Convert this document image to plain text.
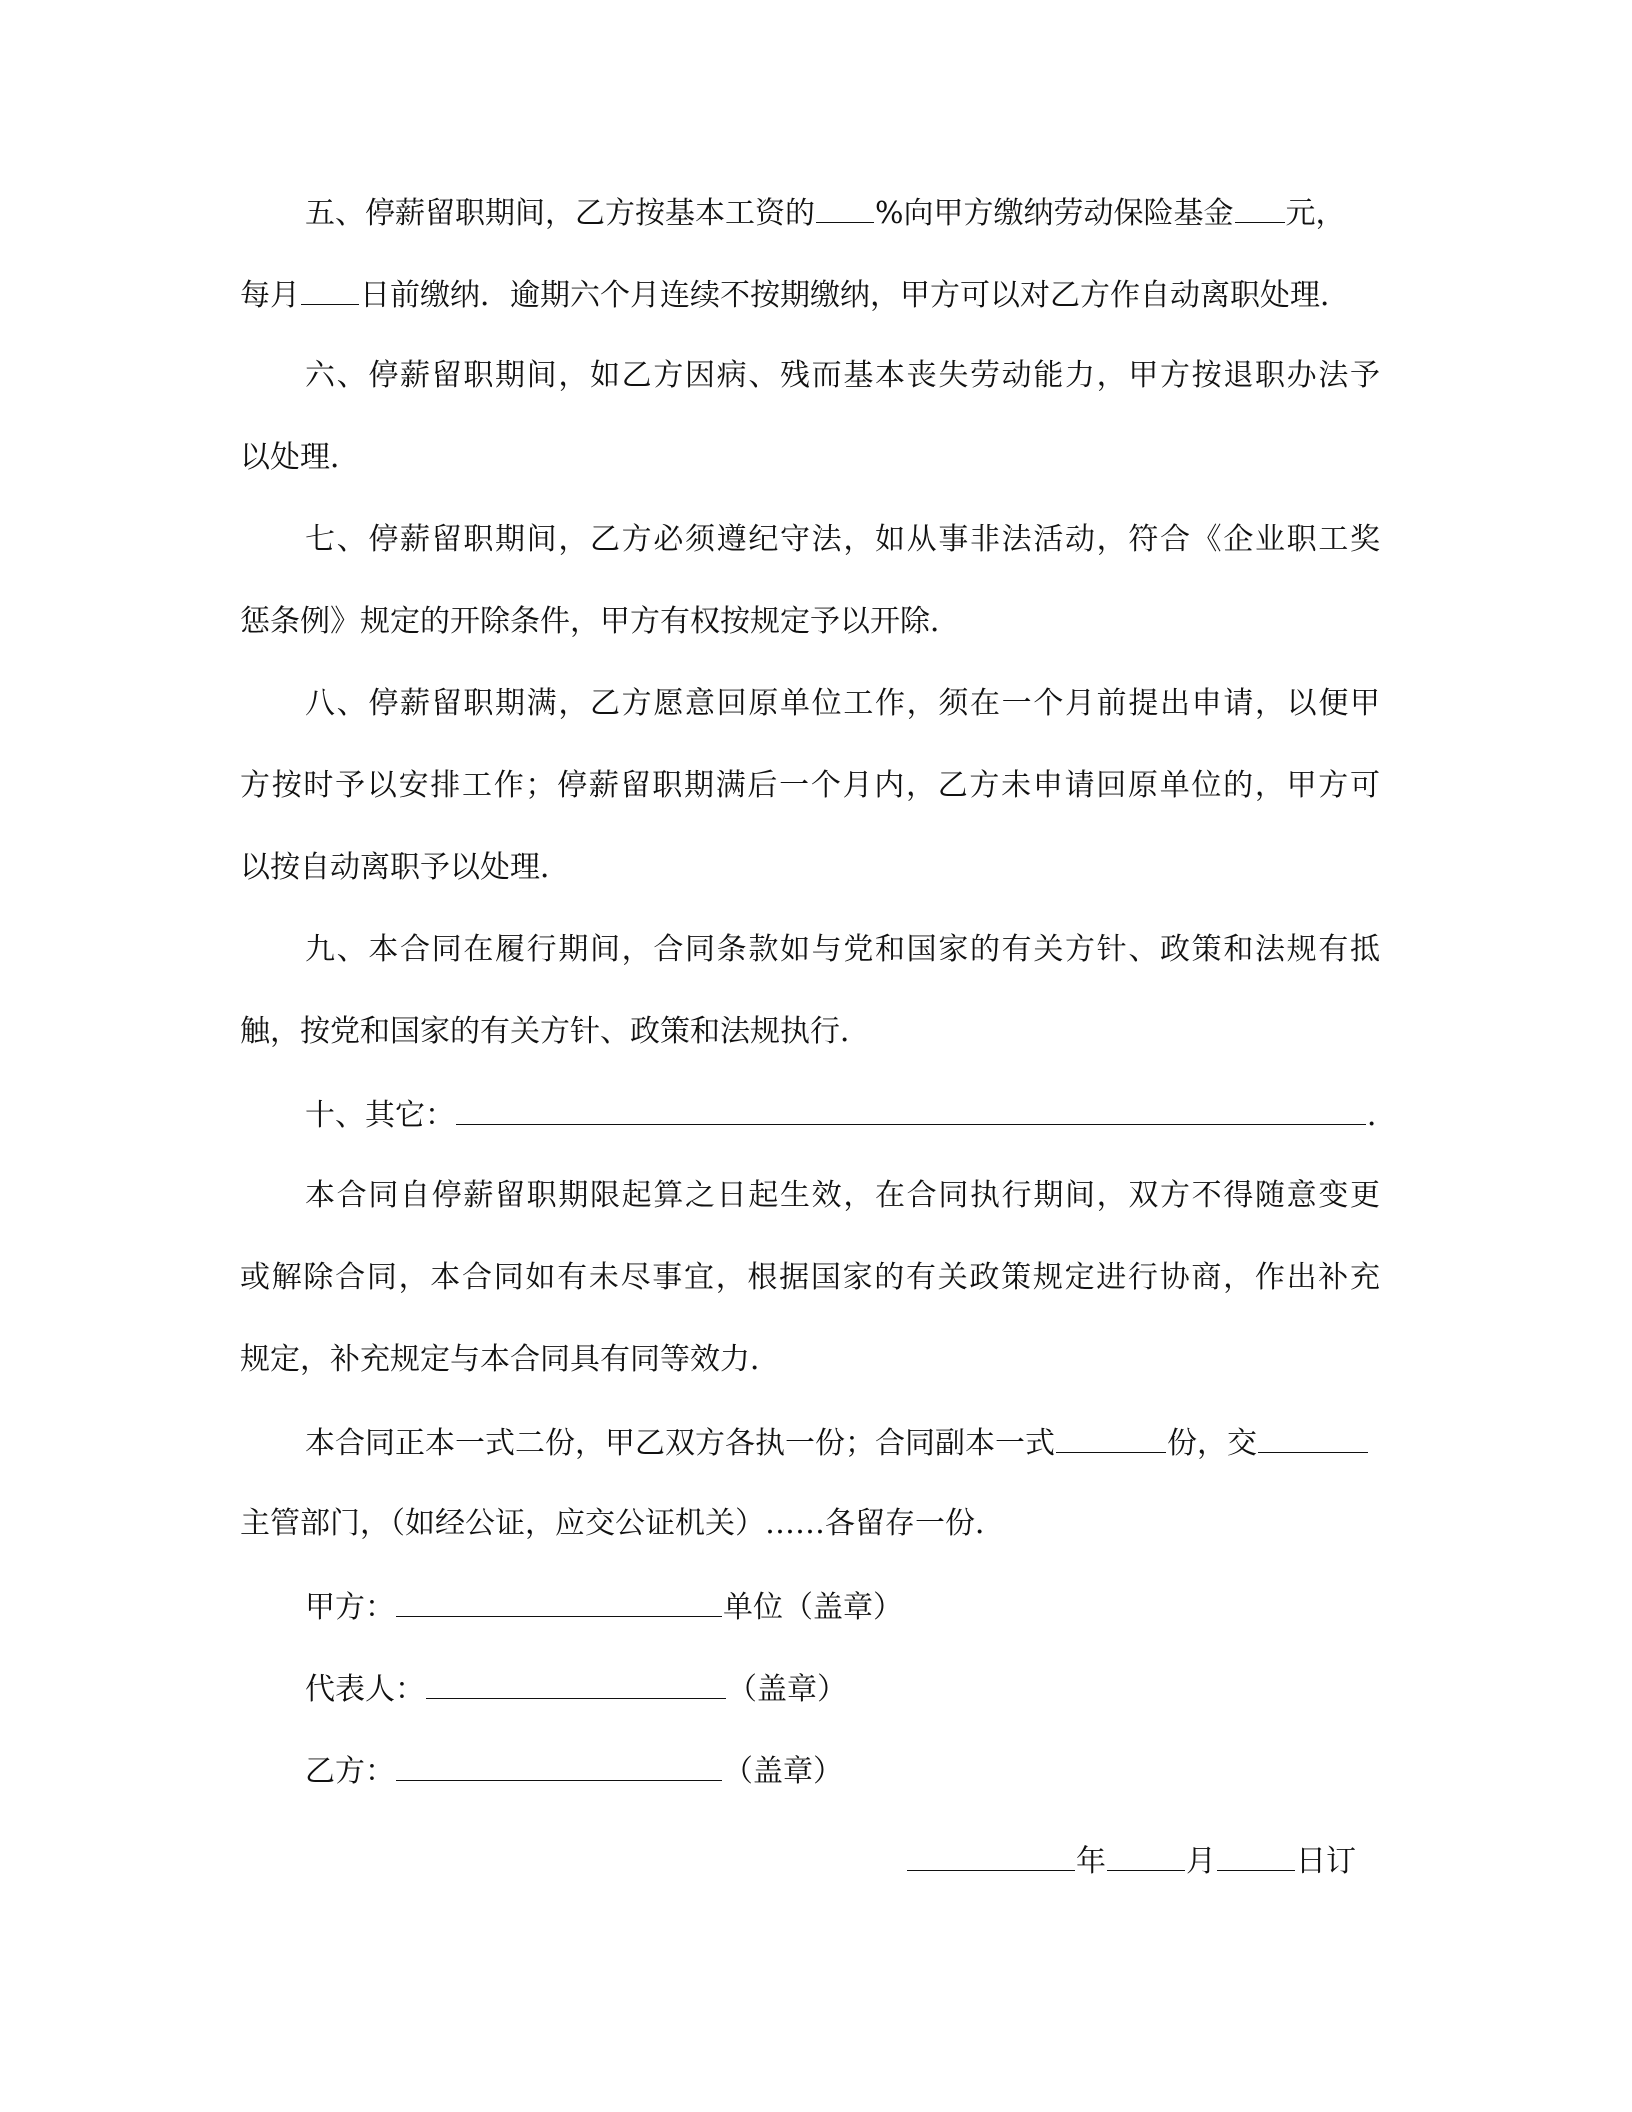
五、停薪留职期间，乙方按基本工资的 %向甲方缴纳劳动保险基金 元，
每月 日前缴纳．逾期六个月连续不按期缴纳，甲方可以对乙方作自动离职处理．
六、停薪留职期间，如乙方因病、残而基本丧失劳动能力，甲方按退职办法予
以处理．
七、停薪留职期间，乙方必须遵纪守法，如从事非法活动，符合《企业职工奖
惩条例》规定的开除条件，甲方有权按规定予以开除．
八、停薪留职期满，乙方愿意回原单位工作，须在一个月前提出申请，以便甲
方按时予以安排工作；停薪留职期满后一个月内，乙方未申请回原单位的，甲方可
以按自动离职予以处理．
九、本合同在履行期间，合同条款如与党和国家的有关方针、政策和法规有抵
触，按党和国家的有关方针、政策和法规执行．
十、其它：	．
本合同自停薪留职期限起算之日起生效，在合同执行期间，双方不得随意变更
或解除合同，本合同如有未尽事宜，根据国家的有关政策规定进行协商，作出补充
规定，补充规定与本合同具有同等效力．
本合同正本一式二份，甲乙双方各执一份；合同副本一式	份，交
主管部门，（如经公证，应交公证机关）……各留存一份．
甲方：	单位（盖章）
代表人：	（盖章）
乙方：	（盖章）
年	月	日订
